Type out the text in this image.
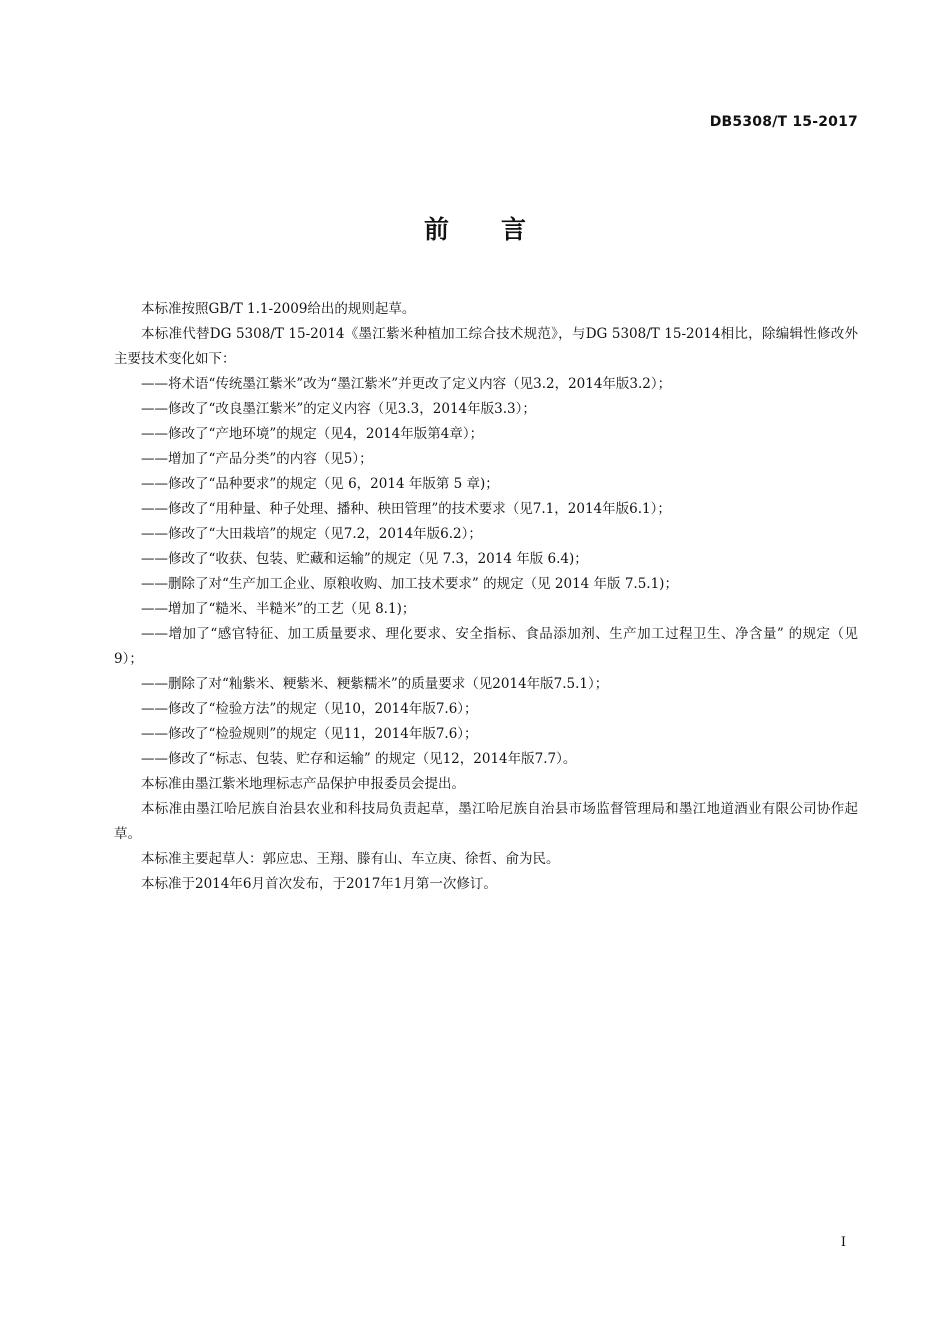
DB5308/T 15-2017
前言

本标准按照GB/T 1.1-2009给出的规则起草。

本标准代替DG 5308/T 15-2014《墨江紫米种植加工综合技术规范》，与DG 5308/T 15-2014相比，除编辑性修改外主要技术变化如下：

——将术语“传统墨江紫米”改为“墨江紫米”并更改了定义内容（见3.2，2014年版3.2）；

——修改了“改良墨江紫米”的定义内容（见3.3，2014年版3.3）；

——修改了“产地环境”的规定（见4，2014年版第4章）；

——增加了“产品分类”的内容（见5）；

——修改了“品种要求”的规定（见 6，2014 年版第 5 章)；

——修改了“用种量、种子处理、播种、秧田管理”的技术要求（见7.1，2014年版6.1）；

——修改了“大田栽培”的规定（见7.2，2014年版6.2）；

——修改了“收获、包装、贮藏和运输”的规定（见 7.3，2014 年版 6.4)；

——删除了对“生产加工企业、原粮收购、加工技术要求” 的规定（见 2014 年版 7.5.1)；

——增加了“糙米、半糙米”的工艺（见 8.1)；

——增加了“感官特征、加工质量要求、理化要求、安全指标、食品添加剂、生产加工过程卫生、净含量” 的规定（见9）；

——删除了对“籼紫米、粳紫米、粳紫糯米”的质量要求（见2014年版7.5.1）；

——修改了“检验方法”的规定（见10，2014年版7.6）；

——修改了“检验规则”的规定（见11，2014年版7.6）；

——修改了“标志、包装、贮存和运输” 的规定（见12，2014年版7.7）。

本标准由墨江紫米地理标志产品保护申报委员会提出。

本标准由墨江哈尼族自治县农业和科技局负责起草，墨江哈尼族自治县市场监督管理局和墨江地道酒业有限公司协作起草。

本标准主要起草人：郭应忠、王翔、滕有山、车立庚、徐哲、俞为民。

本标准于2014年6月首次发布，于2017年1月第一次修订。

I
